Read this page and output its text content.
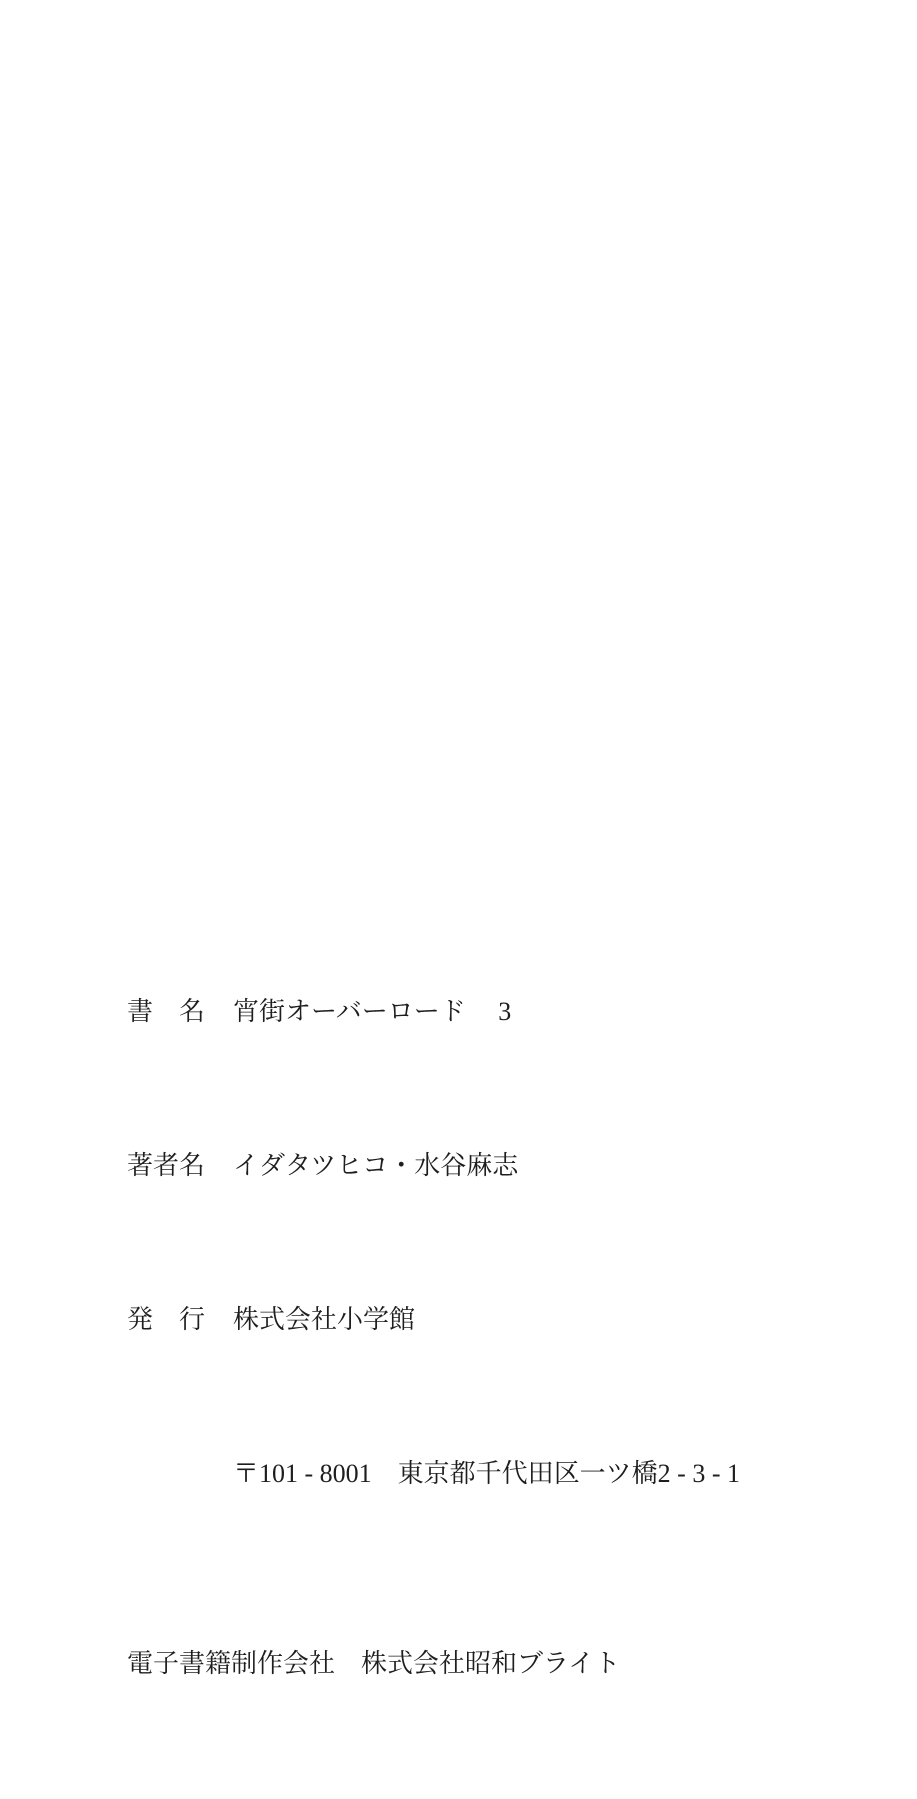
書　名	宵街オーバーロード　 3

著者名	イダタツヒコ・水谷麻志

発　行	株式会社小学館

〒101 - 8001　東京都千代田区一ツ橋2 - 3 - 1

電子書籍制作会社　株式会社昭和ブライト
